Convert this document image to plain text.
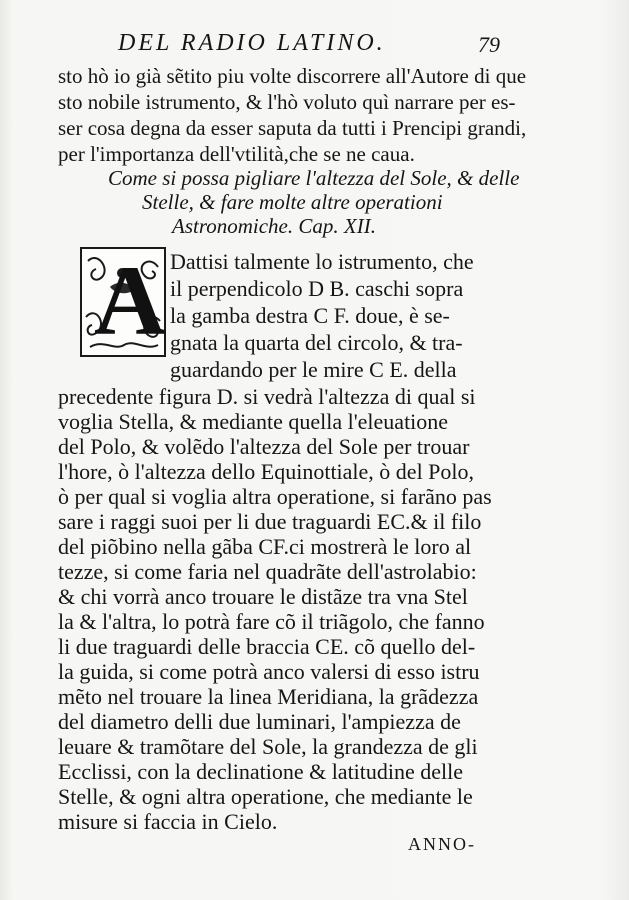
DEL RADIO LATINO.	79
sto hò io già sẽtito piu volte discorrere all'Autore di que
sto nobile istrumento, & l'hò voluto quì narrare per es-
ser cosa degna da esser saputa da tutti i Prencipi grandi,
per l'importanza dell'vtilità,che se ne caua.
Come si possa pigliare l'altezza del Sole, & delle
Stelle, & fare molte altre operationi
Astronomiche. Cap. XII.
A Dattisi talmente lo istrumento, che
il perpendicolo D B. caschi sopra
la gamba destra C F. doue, è se-
gnata la quarta del circolo, & tra-
guardando per le mire C E. della
precedente figura D. si vedrà l'altezza di qual si
voglia Stella, & mediante quella l'eleuatione
del Polo, & volẽdo l'altezza del Sole per trouar
l'hore, ò l'altezza dello Equinottiale, ò del Polo,
ò per qual si voglia altra operatione, si farãno pas
sare i raggi suoi per li due traguardi EC.& il filo
del piõbino nella gãba CF.ci mostrerà le loro al
tezze, si come faria nel quadrãte dell'astrolabio:
& chi vorrà anco trouare le distãze tra vna Stel
la & l'altra, lo potrà fare cõ il triãgolo, che fanno
li due traguardi delle braccia CE. cõ quello del-
la guida, si come potrà anco valersi di esso istru
mẽto nel trouare la linea Meridiana, la grãdezza
del diametro delli due luminari, l'ampiezza de
leuare & tramõtare del Sole, la grandezza de gli
Ecclissi, con la declinatione & latitudine delle
Stelle, & ogni altra operatione, che mediante le
misure si faccia in Cielo.
ANNO-
